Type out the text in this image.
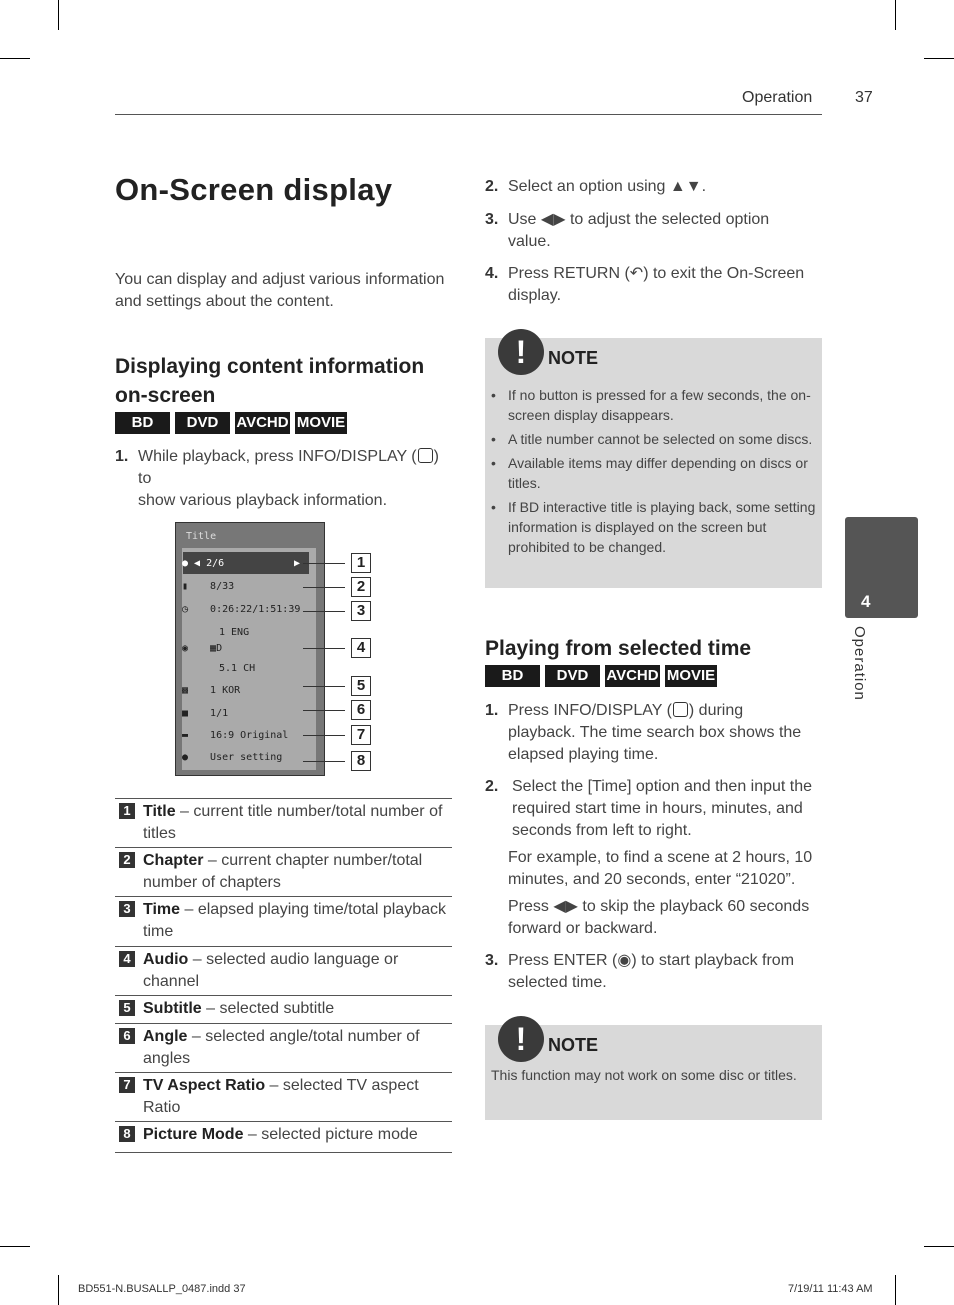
Operation	37
On-Screen display
You can display and adjust various information and settings about the content.
Displaying content information
on-screen
BD	DVD	AVCHD MOVIE
1. While playback, press INFO/DISPLAY ( ) to
show various playback information.
Title
● ◀ 2/6	▶
▮ 8/33
◷ 0:26:22/1:51:39
1 ENG
◉ ▦D
5.1 CH
▩ 1 KOR
■ 1/1
▬ 16:9 Original
● User setting
1
2
3
4
5
6
7
8
1 Title – current title number/total number of titles
2 Chapter – current chapter number/total number of chapters
3 Time – elapsed playing time/total playback time
4 Audio – selected audio language or channel
5 Subtitle – selected subtitle
6 Angle – selected angle/total number of angles
7 TV Aspect Ratio – selected TV aspect Ratio
8 Picture Mode – selected picture mode
2. Select an option using ▲▼.
3. Use ◀▶ to adjust the selected option value.
4. Press RETURN (↶) to exit the On-Screen display.
!	NOTE
• If no button is pressed for a few seconds, the on-screen display disappears.
• A title number cannot be selected on some discs.
• Available items may differ depending on discs or titles.
• If BD interactive title is playing back, some setting information is displayed on the screen but prohibited to be changed.
Playing from selected time
BD	DVD	AVCHD MOVIE
1. Press INFO/DISPLAY ( ) during playback. The time search box shows the elapsed playing time.
2. Select the [Time] option and then input the required start time in hours, minutes, and seconds from left to right.
For example, to find a scene at 2 hours, 10 minutes, and 20 seconds, enter “21020”.
Press ◀▶ to skip the playback 60 seconds forward or backward.
3. Press ENTER (◉) to start playback from selected time.
!	NOTE
This function may not work on some disc or titles.
4
Operation
BD551-N.BUSALLP_0487.indd 37	7/19/11 11:43 AM
